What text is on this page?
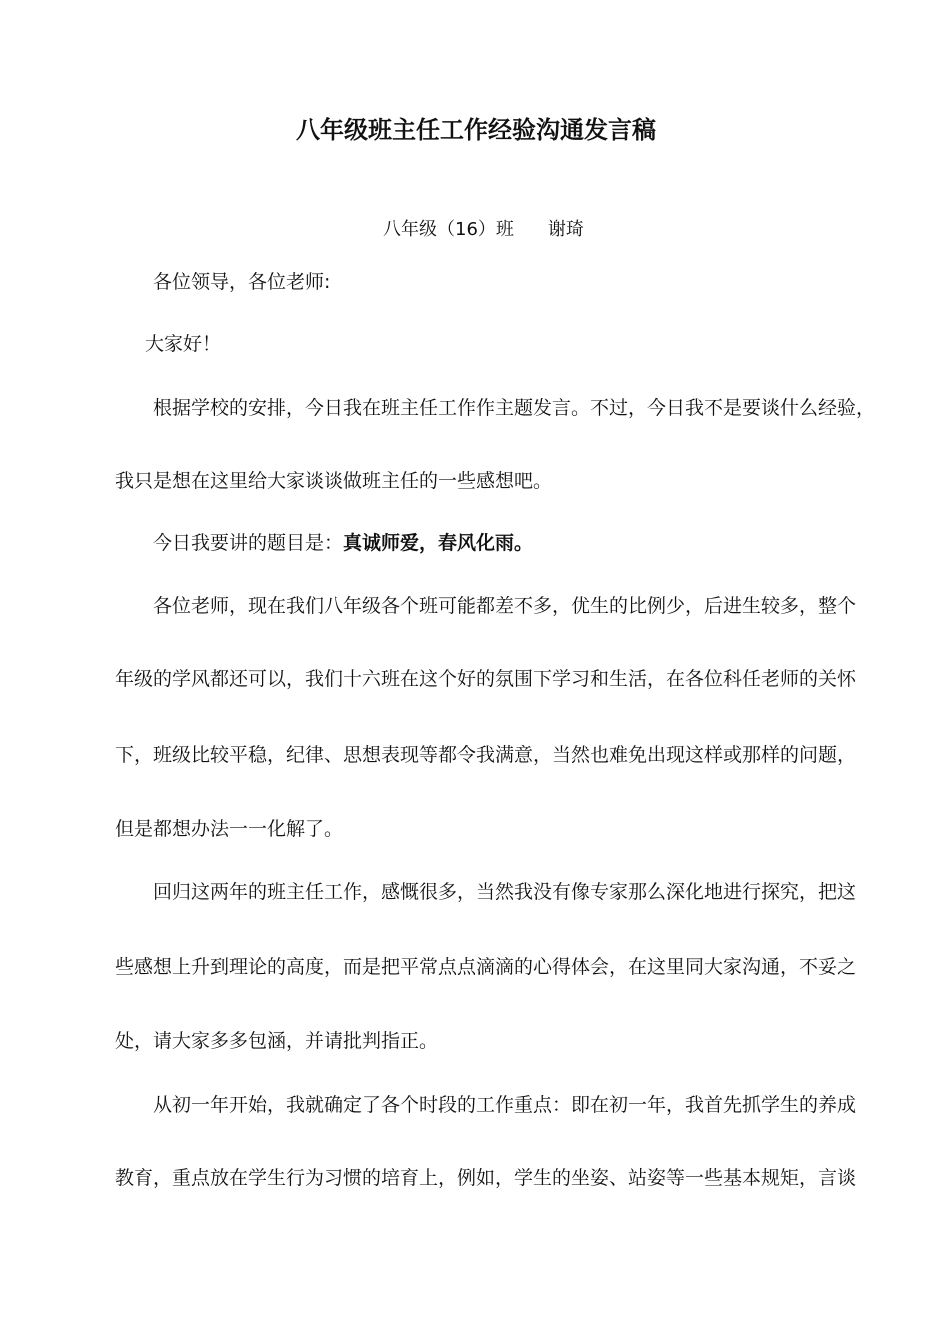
八年级班主任工作经验沟通发言稿
八年级（16）班 谢琦
各位领导，各位老师:
大家好！
根据学校的安排，今日我在班主任工作作主题发言。不过，今日我不是要谈什么经验，
我只是想在这里给大家谈谈做班主任的一些感想吧。
今日我要讲的题目是：真诚师爱，春风化雨。
各位老师，现在我们八年级各个班可能都差不多，优生的比例少，后进生较多，整个
年级的学风都还可以，我们十六班在这个好的氛围下学习和生活，在各位科任老师的关怀
下，班级比较平稳，纪律、思想表现等都令我满意，当然也难免出现这样或那样的问题，
但是都想办法一一化解了。
回归这两年的班主任工作，感慨很多，当然我没有像专家那么深化地进行探究，把这
些感想上升到理论的高度，而是把平常点点滴滴的心得体会，在这里同大家沟通，不妥之
处，请大家多多包涵，并请批判指正。
从初一年开始，我就确定了各个时段的工作重点：即在初一年，我首先抓学生的养成
教育，重点放在学生行为习惯的培育上，例如，学生的坐姿、站姿等一些基本规矩，言谈
